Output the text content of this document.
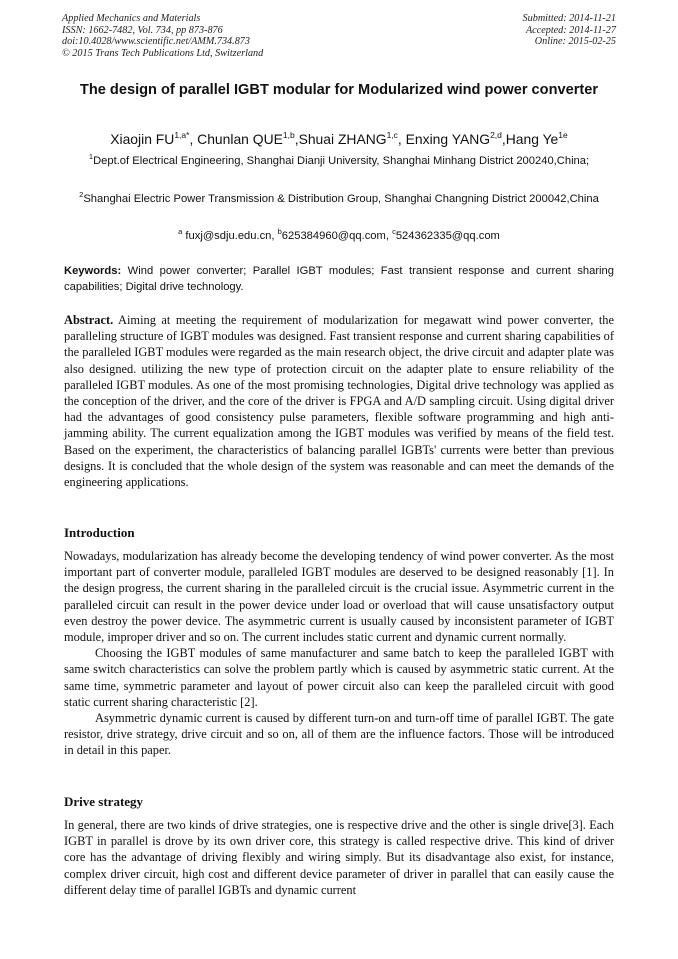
Applied Mechanics and Materials
ISSN: 1662-7482, Vol. 734, pp 873-876
doi:10.4028/www.scientific.net/AMM.734.873
© 2015 Trans Tech Publications Ltd, Switzerland
Submitted: 2014-11-21
Accepted: 2014-11-27
Online: 2015-02-25
The design of parallel IGBT modular for Modularized wind power converter
Xiaojin $FU^{1,a*}$, Chunlan QUE$^{1,b}$,Shuai ZHANG$^{1,c}$, Enxing YANG$^{2,d}$,Hang $Ye^{1e}$
$^1$Dept.of Electrical Engineering, Shanghai Dianji University, Shanghai Minhang District 200240,China;
$^2$Shanghai Electric Power Transmission & Distribution Group, Shanghai Changning District 200042,China
$^a$ fuxj@sdju.edu.cn, $^b$625384960@qq.com, $^c$524362335@qq.com
Keywords: Wind power converter; Parallel IGBT modules; Fast transient response and current sharing capabilities; Digital drive technology.
Abstract. Aiming at meeting the requirement of modularization for megawatt wind power converter, the paralleling structure of IGBT modules was designed. Fast transient response and current sharing capabilities of the paralleled IGBT modules were regarded as the main research object, the drive circuit and adapter plate was also designed. utilizing the new type of protection circuit on the adapter plate to ensure reliability of the paralleled IGBT modules. As one of the most promising technologies, Digital drive technology was applied as the conception of the driver, and the core of the driver is FPGA and A/D sampling circuit. Using digital driver had the advantages of good consistency pulse parameters, flexible software programming and high anti-jamming ability. The current equalization among the IGBT modules was verified by means of the field test. Based on the experiment, the characteristics of balancing parallel IGBTs' currents were better than previous designs. It is concluded that the whole design of the system was reasonable and can meet the demands of the engineering applications.
Introduction

Nowadays, modularization has already become the developing tendency of wind power converter. As the most important part of converter module, paralleled IGBT modules are deserved to be designed reasonably [1]. In the design progress, the current sharing in the paralleled circuit is the crucial issue. Asymmetric current in the paralleled circuit can result in the power device under load or overload that will cause unsatisfactory output even destroy the power device. The asymmetric current is usually caused by inconsistent parameter of IGBT module, improper driver and so on. The current includes static current and dynamic current normally.

Choosing the IGBT modules of same manufacturer and same batch to keep the paralleled IGBT with same switch characteristics can solve the problem partly which is caused by asymmetric static current. At the same time, symmetric parameter and layout of power circuit also can keep the paralleled circuit with good static current sharing characteristic [2].

Asymmetric dynamic current is caused by different turn-on and turn-off time of parallel IGBT. The gate resistor, drive strategy, drive circuit and so on, all of them are the influence factors. Those will be introduced in detail in this paper.

Drive strategy

In general, there are two kinds of drive strategies, one is respective drive and the other is single drive[3]. Each IGBT in parallel is drove by its own driver core, this strategy is called respective drive. This kind of driver core has the advantage of driving flexibly and wiring simply. But its disadvantage also exist, for instance, complex driver circuit, high cost and different device parameter of driver in parallel that can easily cause the different delay time of parallel IGBTs and dynamic current
